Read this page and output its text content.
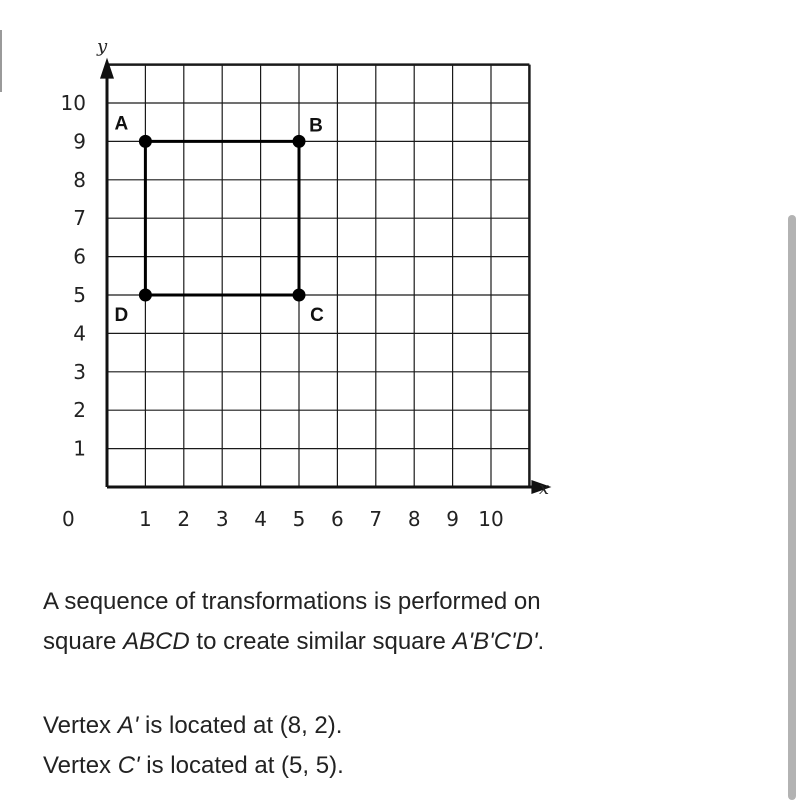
A	B
C
D
1 2 3 4 5 6 7 8 9 10
1
2
3
4
5
6
7
8
9
10
y
x
0

A sequence of transformations is performed on
square ABCD to create similar square A'B'C'D'.

Vertex A' is located at (8, 2).
Vertex C' is located at (5, 5).
